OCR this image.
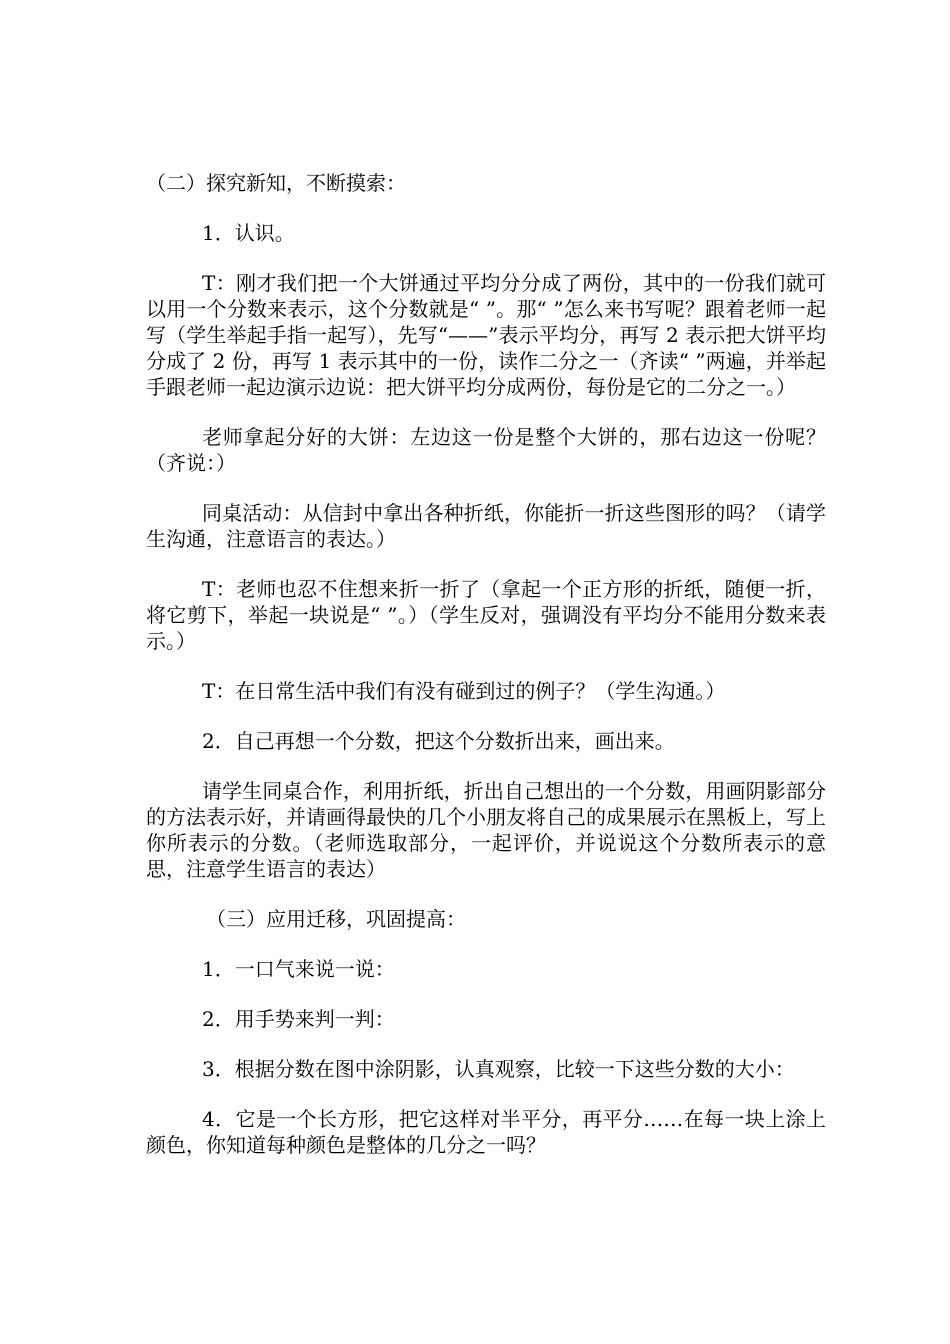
（二）探究新知，不断摸索：

1．认识。

T：刚才我们把一个大饼通过平均分分成了两份，其中的一份我们就可以用一个分数来表示，这个分数就是“ ”。那“ ”怎么来书写呢？跟着老师一起写（学生举起手指一起写），先写“——”表示平均分，再写 2 表示把大饼平均分成了 2 份，再写 1 表示其中的一份，读作二分之一（齐读“ ”两遍，并举起手跟老师一起边演示边说：把大饼平均分成两份，每份是它的二分之一。）

老师拿起分好的大饼：左边这一份是整个大饼的，那右边这一份呢？（齐说：）

同桌活动：从信封中拿出各种折纸，你能折一折这些图形的吗？（请学生沟通，注意语言的表达。）

T：老师也忍不住想来折一折了（拿起一个正方形的折纸，随便一折，将它剪下，举起一块说是“ ”。）（学生反对，强调没有平均分不能用分数来表示。）

T：在日常生活中我们有没有碰到过的例子？（学生沟通。）

2．自己再想一个分数，把这个分数折出来，画出来。

请学生同桌合作，利用折纸，折出自己想出的一个分数，用画阴影部分的方法表示好，并请画得最快的几个小朋友将自己的成果展示在黑板上，写上你所表示的分数。（老师选取部分，一起评价，并说说这个分数所表示的意思，注意学生语言的表达）

（三）应用迁移，巩固提高：

1．一口气来说一说：

2．用手势来判一判：

3．根据分数在图中涂阴影，认真观察，比较一下这些分数的大小：

4．它是一个长方形，把它这样对半平分，再平分……在每一块上涂上颜色，你知道每种颜色是整体的几分之一吗？
